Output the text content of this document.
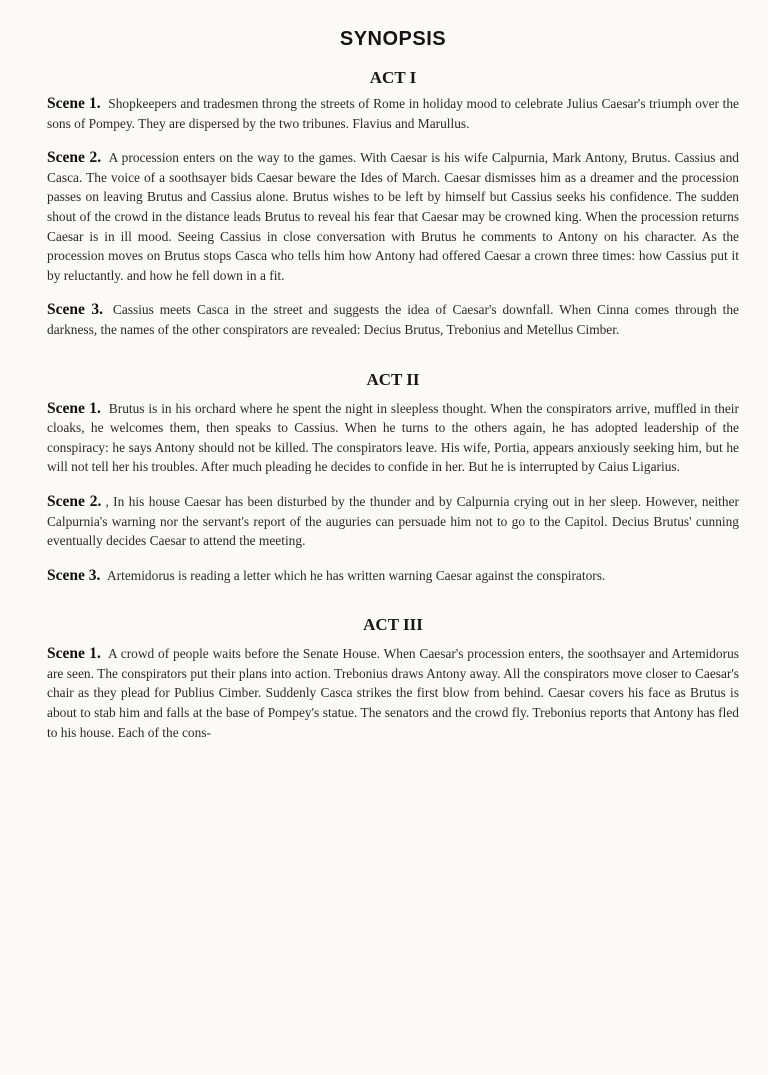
SYNOPSIS
ACT I

Scene 1. Shopkeepers and tradesmen throng the streets of Rome in holiday mood to celebrate Julius Caesar's triumph over the sons of Pompey. They are dispersed by the two tribunes. Flavius and Marullus.

Scene 2. A procession enters on the way to the games. With Caesar is his wife Calpurnia, Mark Antony, Brutus. Cassius and Casca. The voice of a soothsayer bids Caesar beware the Ides of March. Caesar dismisses him as a dreamer and the procession passes on leaving Brutus and Cassius alone. Brutus wishes to be left by himself but Cassius seeks his confidence. The sudden shout of the crowd in the distance leads Brutus to reveal his fear that Caesar may be crowned king. When the procession returns Caesar is in ill mood. Seeing Cassius in close conversation with Brutus he comments to Antony on his character. As the procession moves on Brutus stops Casca who tells him how Antony had offered Caesar a crown three times: how Cassius put it by reluctantly. and how he fell down in a fit.

Scene 3. Cassius meets Casca in the street and suggests the idea of Caesar's downfall. When Cinna comes through the darkness, the names of the other conspirators are revealed: Decius Brutus, Trebonius and Metellus Cimber.

ACT II

Scene 1. Brutus is in his orchard where he spent the night in sleepless thought. When the conspirators arrive, muffled in their cloaks, he welcomes them, then speaks to Cassius. When he turns to the others again, he has adopted leadership of the conspiracy: he says Antony should not be killed. The conspirators leave. His wife, Portia, appears anxiously seeking him, but he will not tell her his troubles. After much pleading he decides to confide in her. But he is interrupted by Caius Ligarius.

Scene 2. , In his house Caesar has been disturbed by the thunder and by Calpurnia crying out in her sleep. However, neither Calpurnia's warning nor the servant's report of the auguries can persuade him not to go to the Capitol. Decius Brutus' cunning eventually decides Caesar to attend the meeting.

Scene 3. Artemidorus is reading a letter which he has written warning Caesar against the conspirators.

ACT III

Scene 1. A crowd of people waits before the Senate House. When Caesar's procession enters, the soothsayer and Artemidorus are seen. The conspirators put their plans into action. Trebonius draws Antony away. All the conspirators move closer to Caesar's chair as they plead for Publius Cimber. Suddenly Casca strikes the first blow from behind. Caesar covers his face as Brutus is about to stab him and falls at the base of Pompey's statue. The senators and the crowd fly. Trebonius reports that Antony has fled to his house. Each of the cons-
